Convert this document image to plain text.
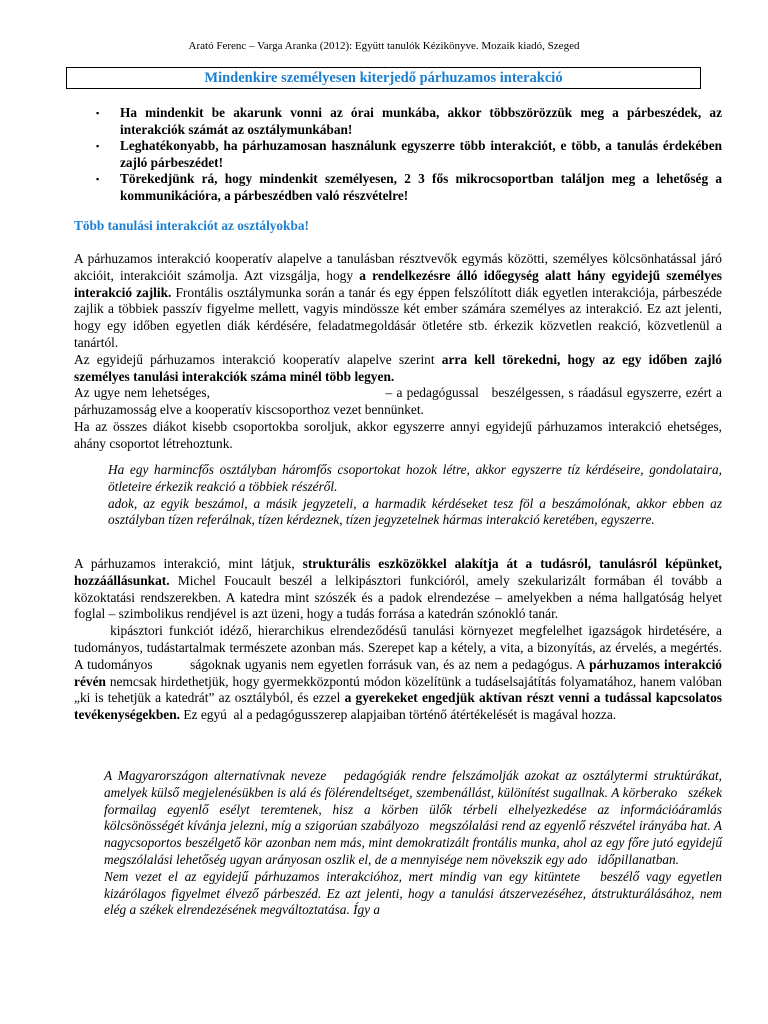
Arató Ferenc – Varga Aranka (2012): Együtt tanulók Kézikönyve. Mozaik kiadó, Szeged
Mindenkire személyesen kiterjedő párhuzamos interakció
▪ Ha mindenkit be akarunk vonni az órai munkába, akkor többszörözzük meg a párbeszédek, az interakciók számát az osztálymunkában!
▪ Leghatékonyabb, ha párhuzamosan használunk egyszerre több interakciót, e több, a tanulás érdekében zajló párbeszédet!
▪ Törekedjünk rá, hogy mindenkit személyesen, 2 3 fős mikrocsoportban találjon meg a lehetőség a kommunikációra, a párbeszédben való részvételre!
Több tanulási interakciót az osztályokba!

A párhuzamos interakció kooperatív alapelve a tanulásban résztvevők egymás közötti, személyes kölcsönhatással járó akcióit, interakcióit számolja. Azt vizsgálja, hogy a rendelkezésre álló időegység alatt hány egyidejű személyes interakció zajlik. Frontális osztálymunka során a tanár és egy éppen felszólított diák egyetlen interakciója, párbeszéde zajlik a többiek passzív figyelme mellett, vagyis mindössze két ember számára személyes az interakció. Ez azt jelenti, hogy egy időben egyetlen diák kérdésére, feladatmegoldásár ötletére stb. érkezik közvetlen reakció, közvetlenül a tanártól.

Az egyidejű párhuzamos interakció kooperatív alapelve szerint arra kell törekedni, hogy az egy időben zajló személyes tanulási interakciók száma minél több legyen.

Az ugye nem lehetséges,                                         – a pedagógussal   beszélgessen, s ráadásul egyszerre, ezért a párhuzamosság elve a kooperatív kiscsoporthoz vezet bennünket.

Ha az összes diákot kisebb csoportokba soroljuk, akkor egyszerre annyi egyidejű párhuzamos interakció ehetséges, ahány csoportot létrehoztunk.

Ha egy harmincfős osztályban háromfős csoportokat hozok létre, akkor egyszerre tíz kérdéseire, gondolataira, ötleteire érkezik reakció a többiek részéről.

adok, az egyik beszámol, a másik jegyzeteli, a harmadik kérdéseket tesz föl a beszámolónak, akkor ebben az osztályban tízen referálnak, tízen kérdeznek, tízen jegyzetelnek hármas interakció keretében, egyszerre.

A párhuzamos interakció, mint látjuk, strukturális eszközökkel alakítja át a tudásról, tanulásról képünket, hozzáállásunkat. Michel Foucault beszél a lelkipásztori funkcióról, amely szekularizált formában él tovább a közoktatási rendszerekben. A katedra mint szószék és a padok elrendezése – amelyekben a néma hallgatóság helyet foglal – szimbolikus rendjével is azt üzeni, hogy a tudás forrása a katedrán szónokló tanár.

kipásztori funkciót idéző, hierarchikus elrendeződésű tanulási környezet megfelelhet igazságok hirdetésére, a tudományos, tudástartalmak természete azonban más. Szerepet kap a kétely, a vita, a bizonyítás, az érvelés, a megértés. A tudományos         ságoknak ugyanis nem egyetlen forrásuk van, és az nem a pedagógus. A párhuzamos interakció révén nemcsak hirdethetjük, hogy gyermekközpontú módon közelítünk a tudáselsajátítás folyamatához, hanem valóban „ki is tehetjük a katedrát” az osztályból, és ezzel a gyerekeket engedjük aktívan részt venni a tudással kapcsolatos tevékenységekben. Ez egyú  al a pedagógusszerep alapjaiban történő átértékelését is magával hozza.

A Magyarországon alternatívnak neveze   pedagógiák rendre felszámolják azokat az osztálytermi struktúrákat, amelyek külső megjelenésükben is alá és fölérendeltséget, szembenállást, különítést sugallnak. A körberako   székek formailag egyenlő esélyt teremtenek, hisz a körben ülők térbeli elhelyezkedése az információáramlás kölcsönösségét kívánja jelezni, míg a szigorúan szabályozo   megszólalási rend az egyenlő részvétel irányába hat. A nagycsoportos beszélgető kör azonban nem más, mint demokratizált frontális munka, ahol az egy főre jutó egyidejű megszólalási lehetőség ugyan arányosan oszlik el, de a mennyisége nem növekszik egy ado   időpillanatban.

Nem vezet el az egyidejű párhuzamos interakcióhoz, mert mindig van egy kitüntete   beszélő vagy egyetlen kizárólagos figyelmet élvező párbeszéd. Ez azt jelenti, hogy a tanulási átszervezéséhez, átstrukturálásához, nem elég a székek elrendezésének megváltoztatása. Így a
